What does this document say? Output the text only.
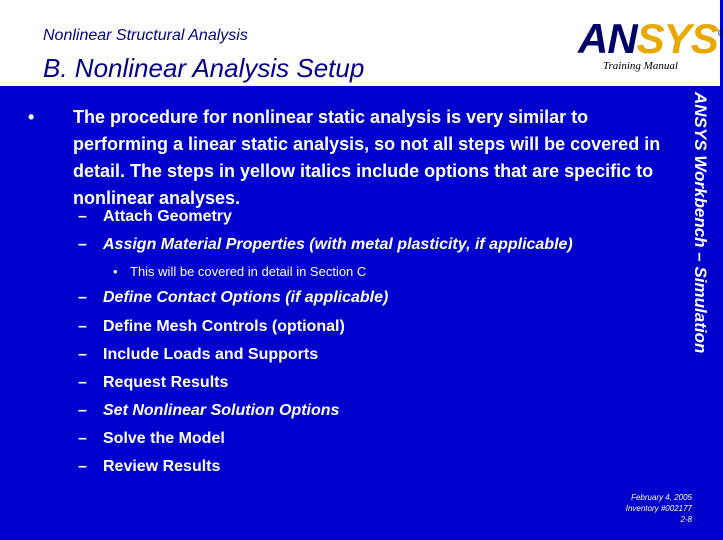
Nonlinear Structural Analysis
B. Nonlinear Analysis Setup
ANSYS®
Training Manual
ANSYS Workbench – Simulation
• The procedure for nonlinear static analysis is very similar to performing a linear static analysis, so not all steps will be covered in detail. The steps in yellow italics include options that are specific to nonlinear analyses.
– Attach Geometry
– Assign Material Properties (with metal plasticity, if applicable)
• This will be covered in detail in Section C
– Define Contact Options (if applicable)
– Define Mesh Controls (optional)
– Include Loads and Supports
– Request Results
– Set Nonlinear Solution Options
– Solve the Model
– Review Results
February 4, 2005
Inventory #002177
2-8
